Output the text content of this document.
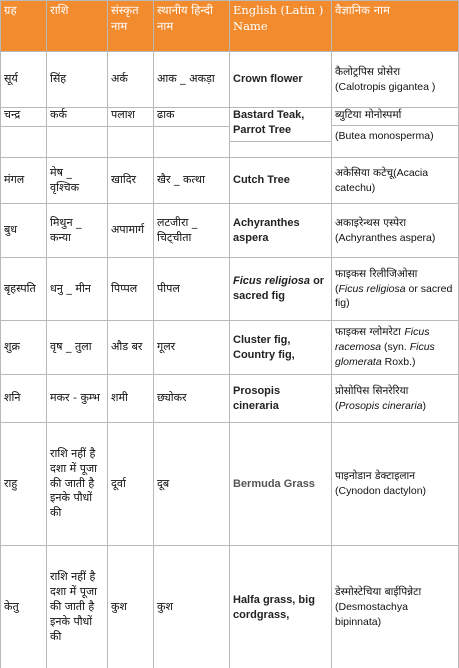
ग्रह	राशि	संस्कृत नाम	स्थानीय हिन्दी नाम	English (Latin ) Name	वैज्ञानिक नाम
सूर्य	सिंह	अर्क	आक _ अकड़ा	Crown flower	कैलोट्रपिस प्रोसेरा
(Calotropis gigantea )

चन्द्र	कर्क	पलाश	ढाक	Bastard Teak, Parrot Tree	ब्युटिया मोनोस्पर्मा
(Butea monosperma)

मंगल	मेष _ वृश्चिक	खादिर	खैर _ कत्था	Cutch Tree	अकेसिया कटेचू(Acacia catechu)
बुध	मिथुन _ कन्या	अपामार्ग	लटजीरा _ चिट्चीता	Achyranthes aspera	अकाइरेन्थस एस्पेरा
(Achyranthes aspera)
बृहस्पति	धनु _ मीन	पिप्पल	पीपल	Ficus religiosa or sacred fig	फाइकस रिलीजिओसा
(Ficus religiosa or sacred fig)
शुक्र	वृष _ तुला	औड बर	गूलर	Cluster fig, Country fig,	फाइकस ग्लोमरेटा Ficus racemosa (syn. Ficus glomerata Roxb.)
शनि	मकर - कुम्भ	शमी	छ्योकर	Prosopis cineraria	प्रोसोपिस सिनरेरिया
(Prosopis cineraria)
राहु	राशि नहीं है दशा में पूजा की जाती है इनके पौधों की	दूर्वा	दूब	Bermuda Grass	पाइनोडान डेक्टाइलान
(Cynodon dactylon)
केतु	राशि नहीं है दशा में पूजा की जाती है इनके पौधों की	कुश	कुश	Halfa grass, big cordgrass,	डेस्मोस्टेचिया बाईपिन्नेटा
(Desmostachya bipinnata)
